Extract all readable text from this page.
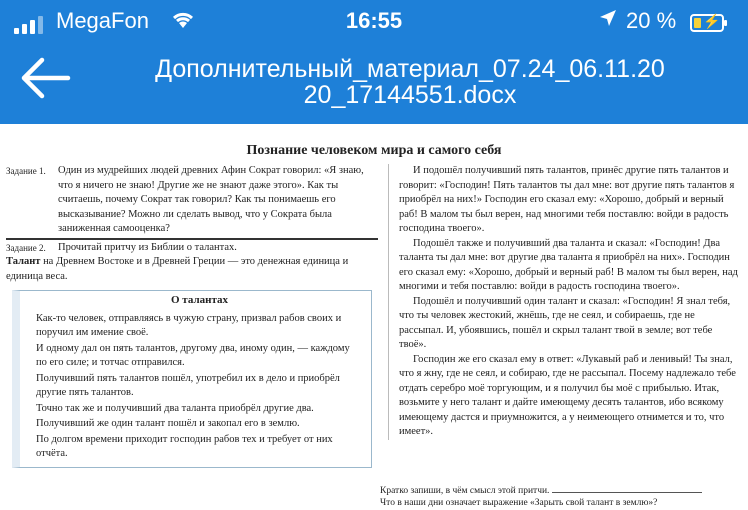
MegaFon	16:55	20 % ⚡
Дополнительный_материал_07.24_06.11.20
20_17144551.docx
Познание человеком мира и самого себя
Задание 1.	Один из мудрейших людей древних Афин Сократ говорил: «Я знаю, что я ничего не знаю! Другие же не знают даже этого». Как ты считаешь, почему Сократ так говорил? Как ты понимаешь его высказывание? Можно ли сделать вывод, что у Сократа была заниженная самооценка?
Задание 2.	Прочитай притчу из Библии о талантах.
Талант на Древнем Востоке и в Древней Греции — это денежная единица и единица веса.
О талантах

Как-то человек, отправляясь в чужую страну, призвал рабов своих и поручил им имение своё.

И одному дал он пять талантов, другому два, иному один, — каждому по его силе; и тотчас отправился.

Получивший пять талантов пошёл, употребил их в дело и приобрёл другие пять талантов.

Точно так же и получивший два таланта приобрёл другие два.

Получивший же один талант пошёл и закопал его в землю.

По долгом времени приходит господин рабов тех и требует от них отчёта.

И подошёл получивший пять талантов, принёс другие пять талантов и говорит: «Господин! Пять талантов ты дал мне: вот другие пять талантов я приобрёл на них!» Господин его сказал ему: «Хорошо, добрый и верный раб! В малом ты был верен, над многими тебя поставлю: войди в радость господина твоего».

Подошёл также и получивший два таланта и сказал: «Господин! Два таланта ты дал мне: вот другие два таланта я приобрёл на них». Господин его сказал ему: «Хорошо, добрый и верный раб! В малом ты был верен, над многими и тебя поставлю: войди в радость господина твоего».

Подошёл и получивший один талант и сказал: «Господин! Я знал тебя, что ты человек жестокий, жнёшь, где не сеял, и собираешь, где не рассыпал. И, убоявшись, пошёл и скрыл талант твой в земле; вот тебе твоё».

Господин же его сказал ему в ответ: «Лукавый раб и ленивый! Ты знал, что я жну, где не сеял, и собираю, где не рассыпал. Посему надлежало тебе отдать серебро моё торгующим, и я получил бы моё с прибылью. Итак, возьмите у него талант и дайте имеющему десять талантов, ибо всякому имеющему дастся и приумножится, а у неимеющего отнимется и то, что имеет».

Кратко запиши, в чём смысл этой притчи.
Что в наши дни означает выражение «Зарыть свой талант в землю»?
